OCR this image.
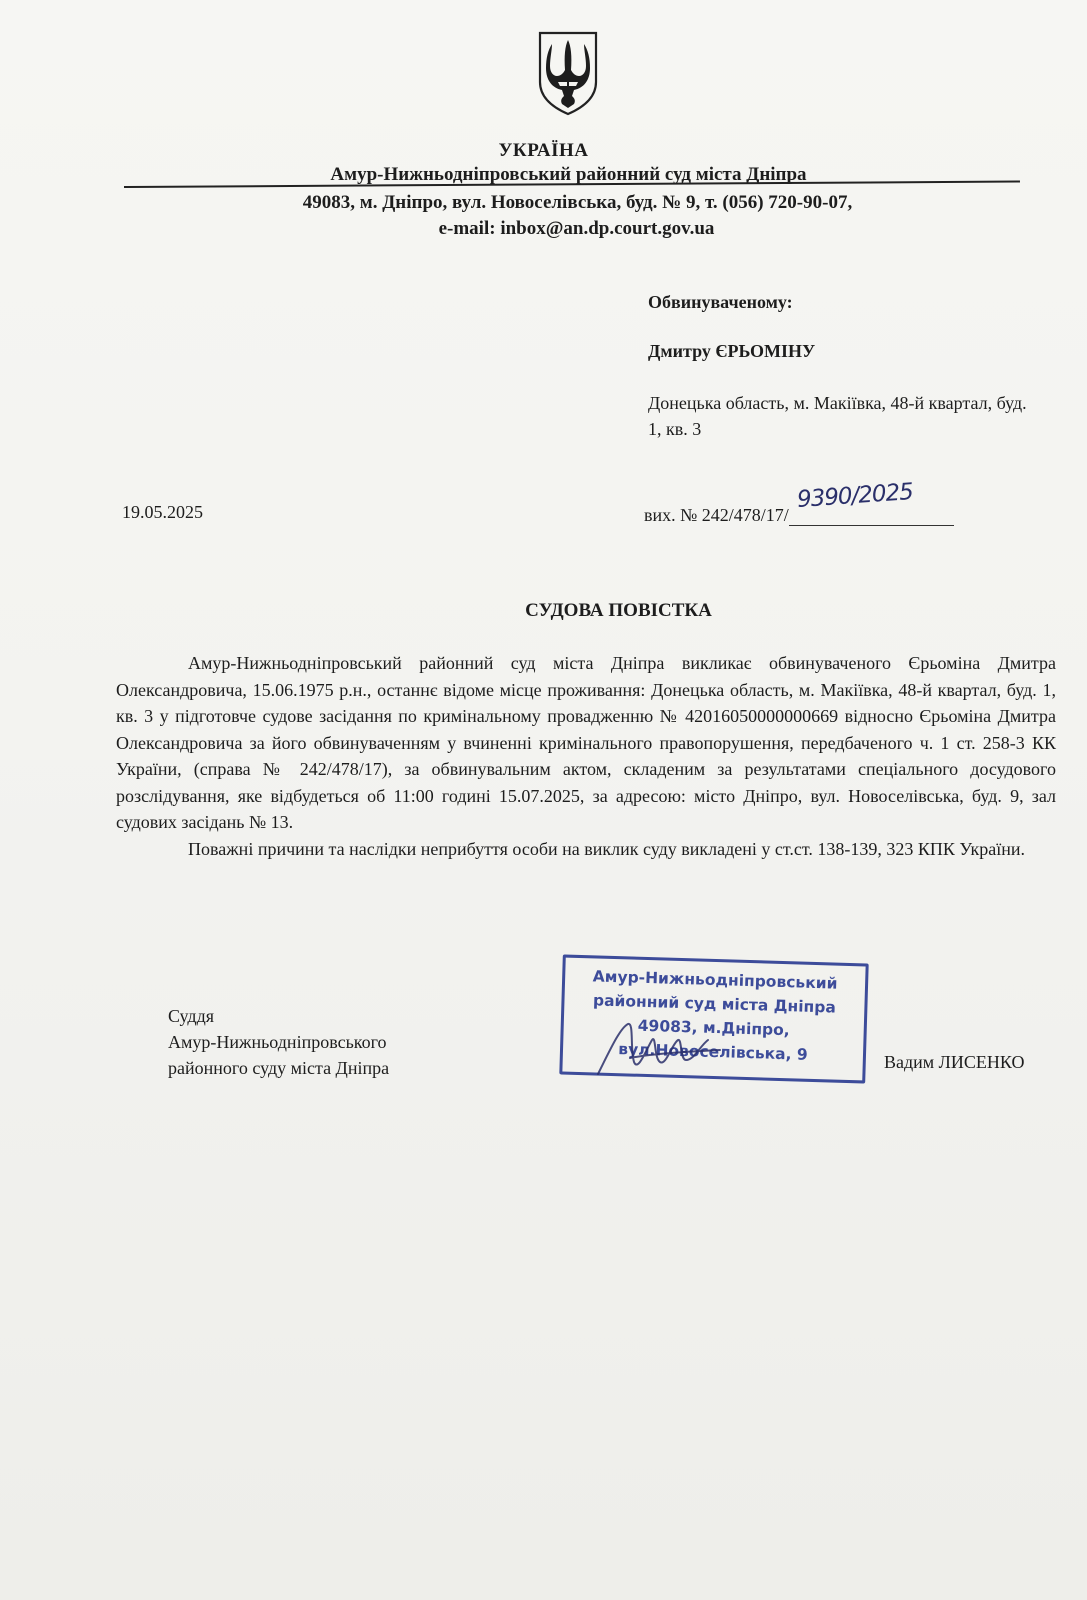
УКРАЇНА
Амур-Нижньодніпровський районний суд міста Дніпра
49083, м. Дніпро, вул. Новоселівська, буд. № 9, т. (056) 720-90-07,
e-mail: inbox@an.dp.court.gov.ua
Обвинуваченому:
Дмитру ЄРЬОМІНУ
Донецька область, м. Макіївка, 48-й квартал, буд. 1, кв. 3
19.05.2025	вих. № 242/478/17/
9390/2025
СУДОВА ПОВІСТКА

Амур-Нижньодніпровський районний суд міста Дніпра викликає обвинуваченого Єрьоміна Дмитра Олександровича, 15.06.1975 р.н., останнє відоме місце проживання: Донецька область, м. Макіївка, 48-й квартал, буд. 1, кв. 3 у підготовче судове засідання по кримінальному провадженню № 42016050000000669 відносно Єрьоміна Дмитра Олександровича за його обвинуваченням у вчиненні кримінального правопорушення, передбаченого ч. 1 ст. 258-3 КК України, (справа № 242/478/17), за обвинувальним актом, складеним за результатами спеціального досудового розслідування, яке відбудеться об 11:00 годині 15.07.2025, за адресою: місто Дніпро, вул. Новоселівська, буд. 9, зал судових засідань № 13.

Поважні причини та наслідки неприбуття особи на виклик суду викладені у ст.ст. 138-139, 323 КПК України.

Суддя
Амур-Нижньодніпровського
районного суду міста Дніпра
Амур-Нижньодніпровський
районний суд міста Дніпра
49083, м.Дніпро,
вул.Новоселівська, 9	Вадим ЛИСЕНКО
